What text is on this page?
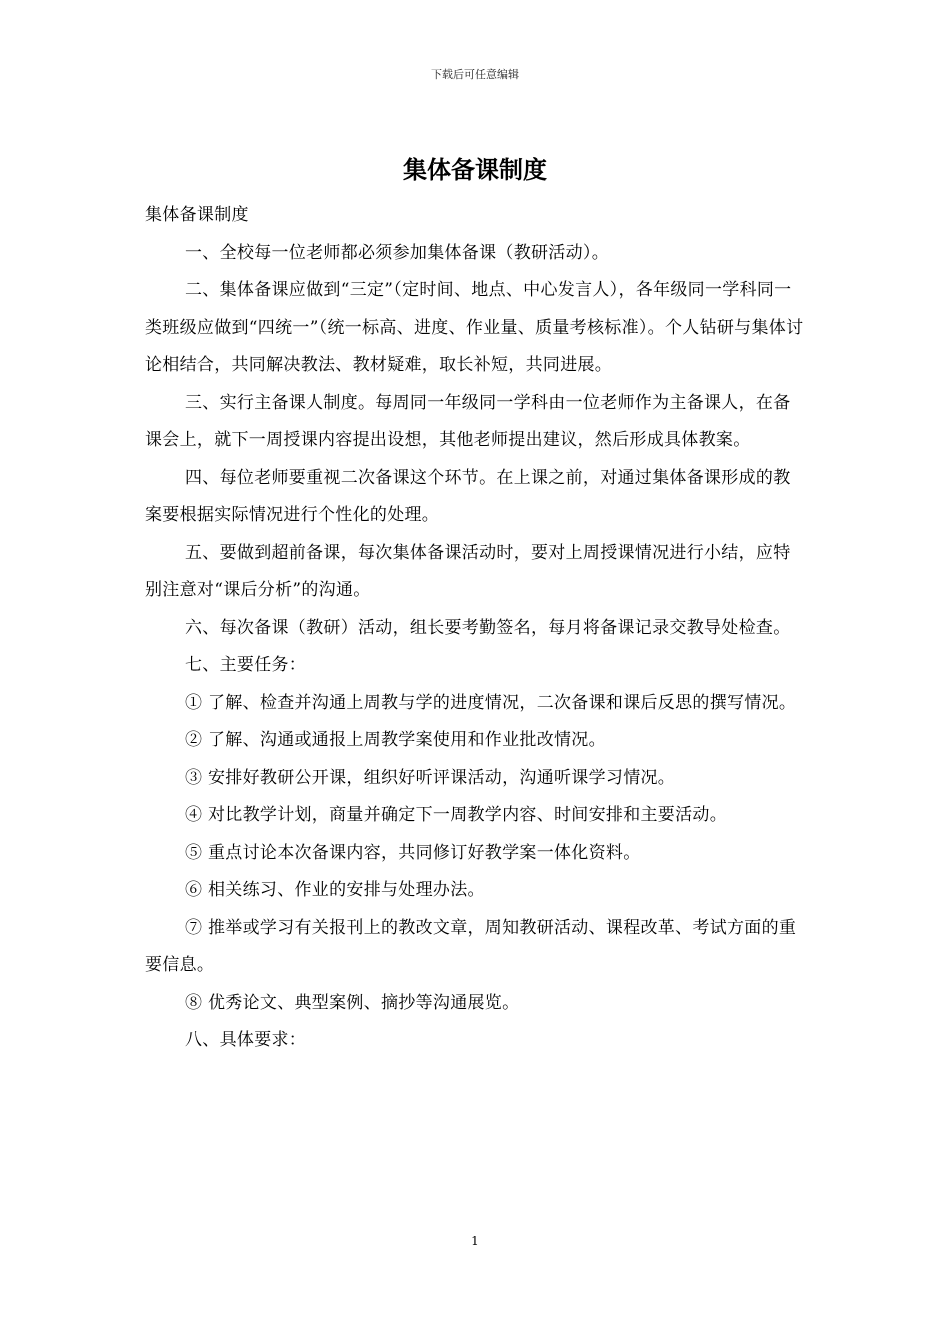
下载后可任意编辑
集体备课制度

集体备课制度

一、全校每一位老师都必须参加集体备课（教研活动）。

二、集体备课应做到“三定”（定时间、地点、中心发言人），各年级同一学科同一类班级应做到“四统一”（统一标高、进度、作业量、质量考核标准）。个人钻研与集体讨论相结合，共同解决教法、教材疑难，取长补短，共同进展。

三、实行主备课人制度。每周同一年级同一学科由一位老师作为主备课人，在备课会上，就下一周授课内容提出设想，其他老师提出建议，然后形成具体教案。

四、每位老师要重视二次备课这个环节。在上课之前，对通过集体备课形成的教案要根据实际情况进行个性化的处理。

五、要做到超前备课，每次集体备课活动时，要对上周授课情况进行小结，应特别注意对“课后分析”的沟通。

六、每次备课（教研）活动，组长要考勤签名，每月将备课记录交教导处检查。

七、主要任务：

① 了解、检查并沟通上周教与学的进度情况，二次备课和课后反思的撰写情况。

② 了解、沟通或通报上周教学案使用和作业批改情况。

③ 安排好教研公开课，组织好听评课活动，沟通听课学习情况。

④ 对比教学计划，商量并确定下一周教学内容、时间安排和主要活动。

⑤ 重点讨论本次备课内容，共同修订好教学案一体化资料。

⑥ 相关练习、作业的安排与处理办法。

⑦ 推举或学习有关报刊上的教改文章，周知教研活动、课程改革、考试方面的重要信息。

⑧ 优秀论文、典型案例、摘抄等沟通展览。

八、具体要求：

1
